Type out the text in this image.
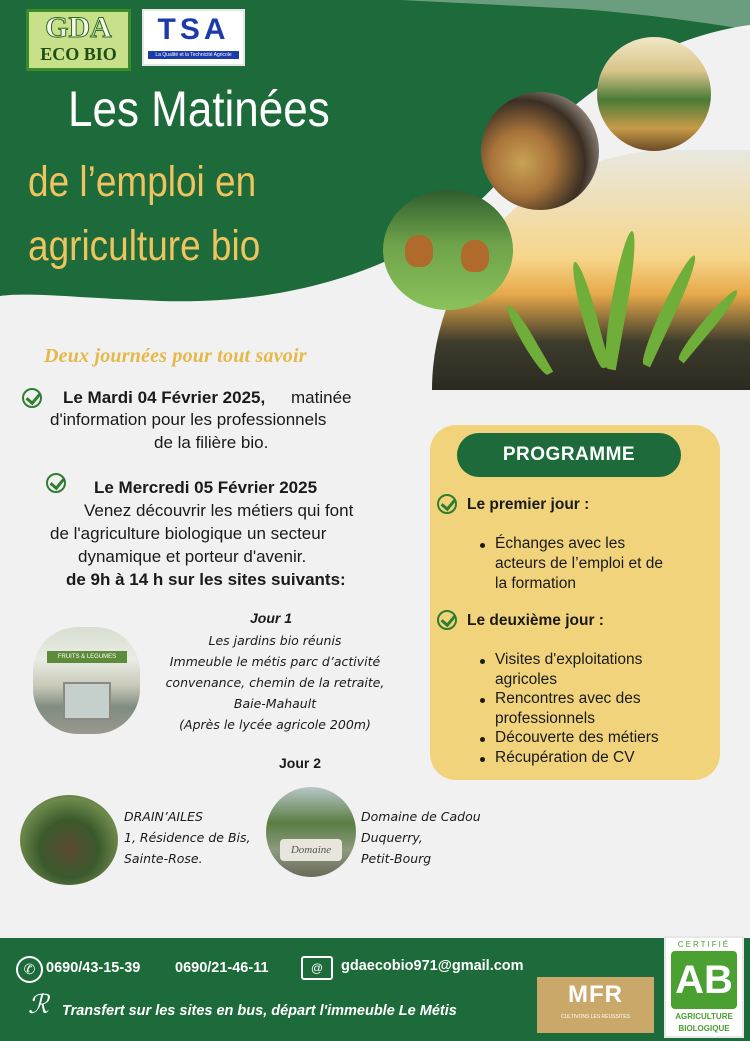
GDA
ECO BIO
TSA
La Qualité et la Technicité Agricole
Les Matinées
de l’emploi en
agriculture bio
Deux journées pour tout savoir
Le Mardi 04 Février 2025, matinée
d'information pour les professionnels
de la filière bio.
Le Mercredi 05 Février 2025
Venez découvrir les métiers qui font
de l'agriculture biologique un secteur
dynamique et porteur d'avenir.
de 9h à 14 h sur les sites suivants:
Jour 1
Les jardins bio réunis
Immeuble le métis parc d’activité
convenance, chemin de la retraite,
Baie-Mahault
(Après le lycée agricole 200m)
FRUITS & LEGUMES
Jour 2
DRAIN’AILES
1, Résidence de Bis,
Sainte-Rose.
Domaine
Domaine de Cadou
Duquerry,
Petit-Bourg
PROGRAMME
Le premier jour :
Échanges avec les
acteurs de l’emploi et de
la formation
Le deuxième jour :
Visites d'exploitations
agricoles
Rencontres avec des
professionnels
Découverte des métiers
Récupération de CV
✆ 0690/43-15-39 0690/21-46-11	@	gdaecobio971@gmail.com
ℛ Transfert sur les sites en bus, départ l'immeuble Le Métis
MFR
CULTIVONS LES RÉUSSITES
CERTIFIÉ
AB
AGRICULTURE
BIOLOGIQUE
